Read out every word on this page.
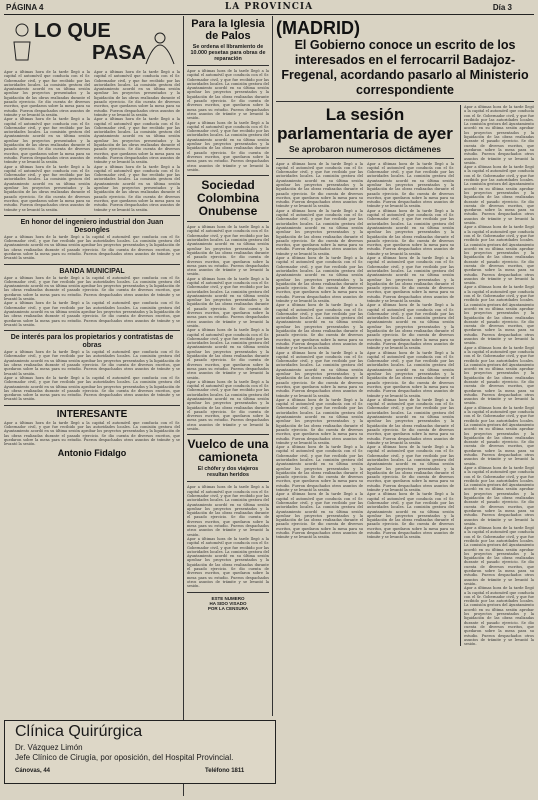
PÁGINA 4	LA PROVINCIA	Día 3
LO QUE
PASA

Apor a últimas hora de la tarde llegó a la capital el automóvil que conducía con el Sr. Gobernador civil, y que fue recibido por las autoridades locales. La comisión gestora del Ayuntamiento acordó en su última sesión aprobar los proyectos presentados y la liquidación de las obras realizadas durante el pasado ejercicio. Se dio cuenta de diversos escritos, que quedaron sobre la mesa para su estudio. Fueron despachados otros asuntos de trámite y se levantó la sesión.

Apor a últimas hora de la tarde llegó a la capital el automóvil que conducía con el Sr. Gobernador civil, y que fue recibido por las autoridades locales. La comisión gestora del Ayuntamiento acordó en su última sesión aprobar los proyectos presentados y la liquidación de las obras realizadas durante el pasado ejercicio. Se dio cuenta de diversos escritos, que quedaron sobre la mesa para su estudio. Fueron despachados otros asuntos de trámite y se levantó la sesión.

Apor a últimas hora de la tarde llegó a la capital el automóvil que conducía con el Sr. Gobernador civil, y que fue recibido por las autoridades locales. La comisión gestora del Ayuntamiento acordó en su última sesión aprobar los proyectos presentados y la liquidación de las obras realizadas durante el pasado ejercicio. Se dio cuenta de diversos escritos, que quedaron sobre la mesa para su estudio. Fueron despachados otros asuntos de trámite y se levantó la sesión.

Apor a últimas hora de la tarde llegó a la capital el automóvil que conducía con el Sr. Gobernador civil, y que fue recibido por las autoridades locales. La comisión gestora del Ayuntamiento acordó en su última sesión aprobar los proyectos presentados y la liquidación de las obras realizadas durante el pasado ejercicio. Se dio cuenta de diversos escritos, que quedaron sobre la mesa para su estudio. Fueron despachados otros asuntos de trámite y se levantó la sesión.

Apor a últimas hora de la tarde llegó a la capital el automóvil que conducía con el Sr. Gobernador civil, y que fue recibido por las autoridades locales. La comisión gestora del Ayuntamiento acordó en su última sesión aprobar los proyectos presentados y la liquidación de las obras realizadas durante el pasado ejercicio. Se dio cuenta de diversos escritos, que quedaron sobre la mesa para su estudio. Fueron despachados otros asuntos de trámite y se levantó la sesión.

Apor a últimas hora de la tarde llegó a la capital el automóvil que conducía con el Sr. Gobernador civil, y que fue recibido por las autoridades locales. La comisión gestora del Ayuntamiento acordó en su última sesión aprobar los proyectos presentados y la liquidación de las obras realizadas durante el pasado ejercicio. Se dio cuenta de diversos escritos, que quedaron sobre la mesa para su estudio. Fueron despachados otros asuntos de trámite y se levantó la sesión.

En honor del ingeniero industrial don Juan Desongles

Apor a últimas hora de la tarde llegó a la capital el automóvil que conducía con el Sr. Gobernador civil, y que fue recibido por las autoridades locales. La comisión gestora del Ayuntamiento acordó en su última sesión aprobar los proyectos presentados y la liquidación de las obras realizadas durante el pasado ejercicio. Se dio cuenta de diversos escritos, que quedaron sobre la mesa para su estudio. Fueron despachados otros asuntos de trámite y se levantó la sesión.

BANDA MUNICIPAL

Apor a últimas hora de la tarde llegó a la capital el automóvil que conducía con el Sr. Gobernador civil, y que fue recibido por las autoridades locales. La comisión gestora del Ayuntamiento acordó en su última sesión aprobar los proyectos presentados y la liquidación de las obras realizadas durante el pasado ejercicio. Se dio cuenta de diversos escritos, que quedaron sobre la mesa para su estudio. Fueron despachados otros asuntos de trámite y se levantó la sesión.

Apor a últimas hora de la tarde llegó a la capital el automóvil que conducía con el Sr. Gobernador civil, y que fue recibido por las autoridades locales. La comisión gestora del Ayuntamiento acordó en su última sesión aprobar los proyectos presentados y la liquidación de las obras realizadas durante el pasado ejercicio. Se dio cuenta de diversos escritos, que quedaron sobre la mesa para su estudio. Fueron despachados otros asuntos de trámite y se levantó la sesión.

De interés para los propietarios y contratistas de obras

Apor a últimas hora de la tarde llegó a la capital el automóvil que conducía con el Sr. Gobernador civil, y que fue recibido por las autoridades locales. La comisión gestora del Ayuntamiento acordó en su última sesión aprobar los proyectos presentados y la liquidación de las obras realizadas durante el pasado ejercicio. Se dio cuenta de diversos escritos, que quedaron sobre la mesa para su estudio. Fueron despachados otros asuntos de trámite y se levantó la sesión.

Apor a últimas hora de la tarde llegó a la capital el automóvil que conducía con el Sr. Gobernador civil, y que fue recibido por las autoridades locales. La comisión gestora del Ayuntamiento acordó en su última sesión aprobar los proyectos presentados y la liquidación de las obras realizadas durante el pasado ejercicio. Se dio cuenta de diversos escritos, que quedaron sobre la mesa para su estudio. Fueron despachados otros asuntos de trámite y se levantó la sesión.

INTERESANTE

Apor a últimas hora de la tarde llegó a la capital el automóvil que conducía con el Sr. Gobernador civil, y que fue recibido por las autoridades locales. La comisión gestora del Ayuntamiento acordó en su última sesión aprobar los proyectos presentados y la liquidación de las obras realizadas durante el pasado ejercicio. Se dio cuenta de diversos escritos, que quedaron sobre la mesa para su estudio. Fueron despachados otros asuntos de trámite y se levantó la sesión.

Antonio Fidalgo

Para la Iglesia de Palos

Se ordena el libramiento de 10.000 pesetas para obras de reparación

Apor a últimas hora de la tarde llegó a la capital el automóvil que conducía con el Sr. Gobernador civil, y que fue recibido por las autoridades locales. La comisión gestora del Ayuntamiento acordó en su última sesión aprobar los proyectos presentados y la liquidación de las obras realizadas durante el pasado ejercicio. Se dio cuenta de diversos escritos, que quedaron sobre la mesa para su estudio. Fueron despachados otros asuntos de trámite y se levantó la sesión.

Apor a últimas hora de la tarde llegó a la capital el automóvil que conducía con el Sr. Gobernador civil, y que fue recibido por las autoridades locales. La comisión gestora del Ayuntamiento acordó en su última sesión aprobar los proyectos presentados y la liquidación de las obras realizadas durante el pasado ejercicio. Se dio cuenta de diversos escritos, que quedaron sobre la mesa para su estudio. Fueron despachados otros asuntos de trámite y se levantó la sesión.

Sociedad Colombina Onubense

Apor a últimas hora de la tarde llegó a la capital el automóvil que conducía con el Sr. Gobernador civil, y que fue recibido por las autoridades locales. La comisión gestora del Ayuntamiento acordó en su última sesión aprobar los proyectos presentados y la liquidación de las obras realizadas durante el pasado ejercicio. Se dio cuenta de diversos escritos, que quedaron sobre la mesa para su estudio. Fueron despachados otros asuntos de trámite y se levantó la sesión.

Apor a últimas hora de la tarde llegó a la capital el automóvil que conducía con el Sr. Gobernador civil, y que fue recibido por las autoridades locales. La comisión gestora del Ayuntamiento acordó en su última sesión aprobar los proyectos presentados y la liquidación de las obras realizadas durante el pasado ejercicio. Se dio cuenta de diversos escritos, que quedaron sobre la mesa para su estudio. Fueron despachados otros asuntos de trámite y se levantó la sesión.

Apor a últimas hora de la tarde llegó a la capital el automóvil que conducía con el Sr. Gobernador civil, y que fue recibido por las autoridades locales. La comisión gestora del Ayuntamiento acordó en su última sesión aprobar los proyectos presentados y la liquidación de las obras realizadas durante el pasado ejercicio. Se dio cuenta de diversos escritos, que quedaron sobre la mesa para su estudio. Fueron despachados otros asuntos de trámite y se levantó la sesión.

Apor a últimas hora de la tarde llegó a la capital el automóvil que conducía con el Sr. Gobernador civil, y que fue recibido por las autoridades locales. La comisión gestora del Ayuntamiento acordó en su última sesión aprobar los proyectos presentados y la liquidación de las obras realizadas durante el pasado ejercicio. Se dio cuenta de diversos escritos, que quedaron sobre la mesa para su estudio. Fueron despachados otros asuntos de trámite y se levantó la sesión.

Vuelco de una camioneta

El chófer y dos viajeros resultan heridos

Apor a últimas hora de la tarde llegó a la capital el automóvil que conducía con el Sr. Gobernador civil, y que fue recibido por las autoridades locales. La comisión gestora del Ayuntamiento acordó en su última sesión aprobar los proyectos presentados y la liquidación de las obras realizadas durante el pasado ejercicio. Se dio cuenta de diversos escritos, que quedaron sobre la mesa para su estudio. Fueron despachados otros asuntos de trámite y se levantó la sesión.

Apor a últimas hora de la tarde llegó a la capital el automóvil que conducía con el Sr. Gobernador civil, y que fue recibido por las autoridades locales. La comisión gestora del Ayuntamiento acordó en su última sesión aprobar los proyectos presentados y la liquidación de las obras realizadas durante el pasado ejercicio. Se dio cuenta de diversos escritos, que quedaron sobre la mesa para su estudio. Fueron despachados otros asuntos de trámite y se levantó la sesión.

ESTE NUMERO

HA SIDO VISADO

POR LA CENSURA

(MADRID)

El Gobierno conoce un escrito de los interesados en el ferrocarril Badajoz-Fregenal, acordando pasarlo al Ministerio correspondiente

La sesión parlamentaria de ayer

Se aprobaron numerosos dictámenes

Apor a últimas hora de la tarde llegó a la capital el automóvil que conducía con el Sr. Gobernador civil, y que fue recibido por las autoridades locales. La comisión gestora del Ayuntamiento acordó en su última sesión aprobar los proyectos presentados y la liquidación de las obras realizadas durante el pasado ejercicio. Se dio cuenta de diversos escritos, que quedaron sobre la mesa para su estudio. Fueron despachados otros asuntos de trámite y se levantó la sesión.

Apor a últimas hora de la tarde llegó a la capital el automóvil que conducía con el Sr. Gobernador civil, y que fue recibido por las autoridades locales. La comisión gestora del Ayuntamiento acordó en su última sesión aprobar los proyectos presentados y la liquidación de las obras realizadas durante el pasado ejercicio. Se dio cuenta de diversos escritos, que quedaron sobre la mesa para su estudio. Fueron despachados otros asuntos de trámite y se levantó la sesión.

Apor a últimas hora de la tarde llegó a la capital el automóvil que conducía con el Sr. Gobernador civil, y que fue recibido por las autoridades locales. La comisión gestora del Ayuntamiento acordó en su última sesión aprobar los proyectos presentados y la liquidación de las obras realizadas durante el pasado ejercicio. Se dio cuenta de diversos escritos, que quedaron sobre la mesa para su estudio. Fueron despachados otros asuntos de trámite y se levantó la sesión.

Apor a últimas hora de la tarde llegó a la capital el automóvil que conducía con el Sr. Gobernador civil, y que fue recibido por las autoridades locales. La comisión gestora del Ayuntamiento acordó en su última sesión aprobar los proyectos presentados y la liquidación de las obras realizadas durante el pasado ejercicio. Se dio cuenta de diversos escritos, que quedaron sobre la mesa para su estudio. Fueron despachados otros asuntos de trámite y se levantó la sesión.

Apor a últimas hora de la tarde llegó a la capital el automóvil que conducía con el Sr. Gobernador civil, y que fue recibido por las autoridades locales. La comisión gestora del Ayuntamiento acordó en su última sesión aprobar los proyectos presentados y la liquidación de las obras realizadas durante el pasado ejercicio. Se dio cuenta de diversos escritos, que quedaron sobre la mesa para su estudio. Fueron despachados otros asuntos de trámite y se levantó la sesión.

Apor a últimas hora de la tarde llegó a la capital el automóvil que conducía con el Sr. Gobernador civil, y que fue recibido por las autoridades locales. La comisión gestora del Ayuntamiento acordó en su última sesión aprobar los proyectos presentados y la liquidación de las obras realizadas durante el pasado ejercicio. Se dio cuenta de diversos escritos, que quedaron sobre la mesa para su estudio. Fueron despachados otros asuntos de trámite y se levantó la sesión.

Apor a últimas hora de la tarde llegó a la capital el automóvil que conducía con el Sr. Gobernador civil, y que fue recibido por las autoridades locales. La comisión gestora del Ayuntamiento acordó en su última sesión aprobar los proyectos presentados y la liquidación de las obras realizadas durante el pasado ejercicio. Se dio cuenta de diversos escritos, que quedaron sobre la mesa para su estudio. Fueron despachados otros asuntos de trámite y se levantó la sesión.

Apor a últimas hora de la tarde llegó a la capital el automóvil que conducía con el Sr. Gobernador civil, y que fue recibido por las autoridades locales. La comisión gestora del Ayuntamiento acordó en su última sesión aprobar los proyectos presentados y la liquidación de las obras realizadas durante el pasado ejercicio. Se dio cuenta de diversos escritos, que quedaron sobre la mesa para su estudio. Fueron despachados otros asuntos de trámite y se levantó la sesión.

Apor a últimas hora de la tarde llegó a la capital el automóvil que conducía con el Sr. Gobernador civil, y que fue recibido por las autoridades locales. La comisión gestora del Ayuntamiento acordó en su última sesión aprobar los proyectos presentados y la liquidación de las obras realizadas durante el pasado ejercicio. Se dio cuenta de diversos escritos, que quedaron sobre la mesa para su estudio. Fueron despachados otros asuntos de trámite y se levantó la sesión.

Apor a últimas hora de la tarde llegó a la capital el automóvil que conducía con el Sr. Gobernador civil, y que fue recibido por las autoridades locales. La comisión gestora del Ayuntamiento acordó en su última sesión aprobar los proyectos presentados y la liquidación de las obras realizadas durante el pasado ejercicio. Se dio cuenta de diversos escritos, que quedaron sobre la mesa para su estudio. Fueron despachados otros asuntos de trámite y se levantó la sesión.

Apor a últimas hora de la tarde llegó a la capital el automóvil que conducía con el Sr. Gobernador civil, y que fue recibido por las autoridades locales. La comisión gestora del Ayuntamiento acordó en su última sesión aprobar los proyectos presentados y la liquidación de las obras realizadas durante el pasado ejercicio. Se dio cuenta de diversos escritos, que quedaron sobre la mesa para su estudio. Fueron despachados otros asuntos de trámite y se levantó la sesión.

Apor a últimas hora de la tarde llegó a la capital el automóvil que conducía con el Sr. Gobernador civil, y que fue recibido por las autoridades locales. La comisión gestora del Ayuntamiento acordó en su última sesión aprobar los proyectos presentados y la liquidación de las obras realizadas durante el pasado ejercicio. Se dio cuenta de diversos escritos, que quedaron sobre la mesa para su estudio. Fueron despachados otros asuntos de trámite y se levantó la sesión.

Apor a últimas hora de la tarde llegó a la capital el automóvil que conducía con el Sr. Gobernador civil, y que fue recibido por las autoridades locales. La comisión gestora del Ayuntamiento acordó en su última sesión aprobar los proyectos presentados y la liquidación de las obras realizadas durante el pasado ejercicio. Se dio cuenta de diversos escritos, que quedaron sobre la mesa para su estudio. Fueron despachados otros asuntos de trámite y se levantó la sesión.

Apor a últimas hora de la tarde llegó a la capital el automóvil que conducía con el Sr. Gobernador civil, y que fue recibido por las autoridades locales. La comisión gestora del Ayuntamiento acordó en su última sesión aprobar los proyectos presentados y la liquidación de las obras realizadas durante el pasado ejercicio. Se dio cuenta de diversos escritos, que quedaron sobre la mesa para su estudio. Fueron despachados otros asuntos de trámite y se levantó la sesión.

Apor a últimas hora de la tarde llegó a la capital el automóvil que conducía con el Sr. Gobernador civil, y que fue recibido por las autoridades locales. La comisión gestora del Ayuntamiento acordó en su última sesión aprobar los proyectos presentados y la liquidación de las obras realizadas durante el pasado ejercicio. Se dio cuenta de diversos escritos, que quedaron sobre la mesa para su estudio. Fueron despachados otros asuntos de trámite y se levantó la sesión.

Apor a últimas hora de la tarde llegó a la capital el automóvil que conducía con el Sr. Gobernador civil, y que fue recibido por las autoridades locales. La comisión gestora del Ayuntamiento acordó en su última sesión aprobar los proyectos presentados y la liquidación de las obras realizadas durante el pasado ejercicio. Se dio cuenta de diversos escritos, que quedaron sobre la mesa para su estudio. Fueron despachados otros asuntos de trámite y se levantó la sesión.

Apor a últimas hora de la tarde llegó a la capital el automóvil que conducía con el Sr. Gobernador civil, y que fue recibido por las autoridades locales. La comisión gestora del Ayuntamiento acordó en su última sesión aprobar los proyectos presentados y la liquidación de las obras realizadas durante el pasado ejercicio. Se dio cuenta de diversos escritos, que quedaron sobre la mesa para su estudio. Fueron despachados otros asuntos de trámite y se levantó la sesión.

Apor a últimas hora de la tarde llegó a la capital el automóvil que conducía con el Sr. Gobernador civil, y que fue recibido por las autoridades locales. La comisión gestora del Ayuntamiento acordó en su última sesión aprobar los proyectos presentados y la liquidación de las obras realizadas durante el pasado ejercicio. Se dio cuenta de diversos escritos, que quedaron sobre la mesa para su estudio. Fueron despachados otros asuntos de trámite y se levantó la sesión.

Apor a últimas hora de la tarde llegó a la capital el automóvil que conducía con el Sr. Gobernador civil, y que fue recibido por las autoridades locales. La comisión gestora del Ayuntamiento acordó en su última sesión aprobar los proyectos presentados y la liquidación de las obras realizadas durante el pasado ejercicio. Se dio cuenta de diversos escritos, que quedaron sobre la mesa para su estudio. Fueron despachados otros asuntos de trámite y se levantó la sesión.

Apor a últimas hora de la tarde llegó a la capital el automóvil que conducía con el Sr. Gobernador civil, y que fue recibido por las autoridades locales. La comisión gestora del Ayuntamiento acordó en su última sesión aprobar los proyectos presentados y la liquidación de las obras realizadas durante el pasado ejercicio. Se dio cuenta de diversos escritos, que quedaron sobre la mesa para su estudio. Fueron despachados otros asuntos de trámite y se levantó la sesión.

Apor a últimas hora de la tarde llegó a la capital el automóvil que conducía con el Sr. Gobernador civil, y que fue recibido por las autoridades locales. La comisión gestora del Ayuntamiento acordó en su última sesión aprobar los proyectos presentados y la liquidación de las obras realizadas durante el pasado ejercicio. Se dio cuenta de diversos escritos, que quedaron sobre la mesa para su estudio. Fueron despachados otros asuntos de trámite y se levantó la sesión.

Apor a últimas hora de la tarde llegó a la capital el automóvil que conducía con el Sr. Gobernador civil, y que fue recibido por las autoridades locales. La comisión gestora del Ayuntamiento acordó en su última sesión aprobar los proyectos presentados y la liquidación de las obras realizadas durante el pasado ejercicio. Se dio cuenta de diversos escritos, que quedaron sobre la mesa para su estudio. Fueron despachados otros asuntos de trámite y se levantó la sesión.

Apor a últimas hora de la tarde llegó a la capital el automóvil que conducía con el Sr. Gobernador civil, y que fue recibido por las autoridades locales. La comisión gestora del Ayuntamiento acordó en su última sesión aprobar los proyectos presentados y la liquidación de las obras realizadas durante el pasado ejercicio. Se dio cuenta de diversos escritos, que quedaron sobre la mesa para su estudio. Fueron despachados otros asuntos de trámite y se levantó la sesión.

Apor a últimas hora de la tarde llegó a la capital el automóvil que conducía con el Sr. Gobernador civil, y que fue recibido por las autoridades locales. La comisión gestora del Ayuntamiento acordó en su última sesión aprobar los proyectos presentados y la liquidación de las obras realizadas durante el pasado ejercicio. Se dio cuenta de diversos escritos, que quedaron sobre la mesa para su estudio. Fueron despachados otros asuntos de trámite y se levantó la sesión.

Apor a últimas hora de la tarde llegó a la capital el automóvil que conducía con el Sr. Gobernador civil, y que fue recibido por las autoridades locales. La comisión gestora del Ayuntamiento acordó en su última sesión aprobar los proyectos presentados y la liquidación de las obras realizadas durante el pasado ejercicio. Se dio cuenta de diversos escritos, que quedaron sobre la mesa para su estudio. Fueron despachados otros asuntos de trámite y se levantó la sesión.

Clínica Quirúrgica
Dr. Vázquez Limón
Jefe Clínico de Cirugía, por oposición, del Hospital Provincial.
Cánovas, 44	Teléfono 1811
